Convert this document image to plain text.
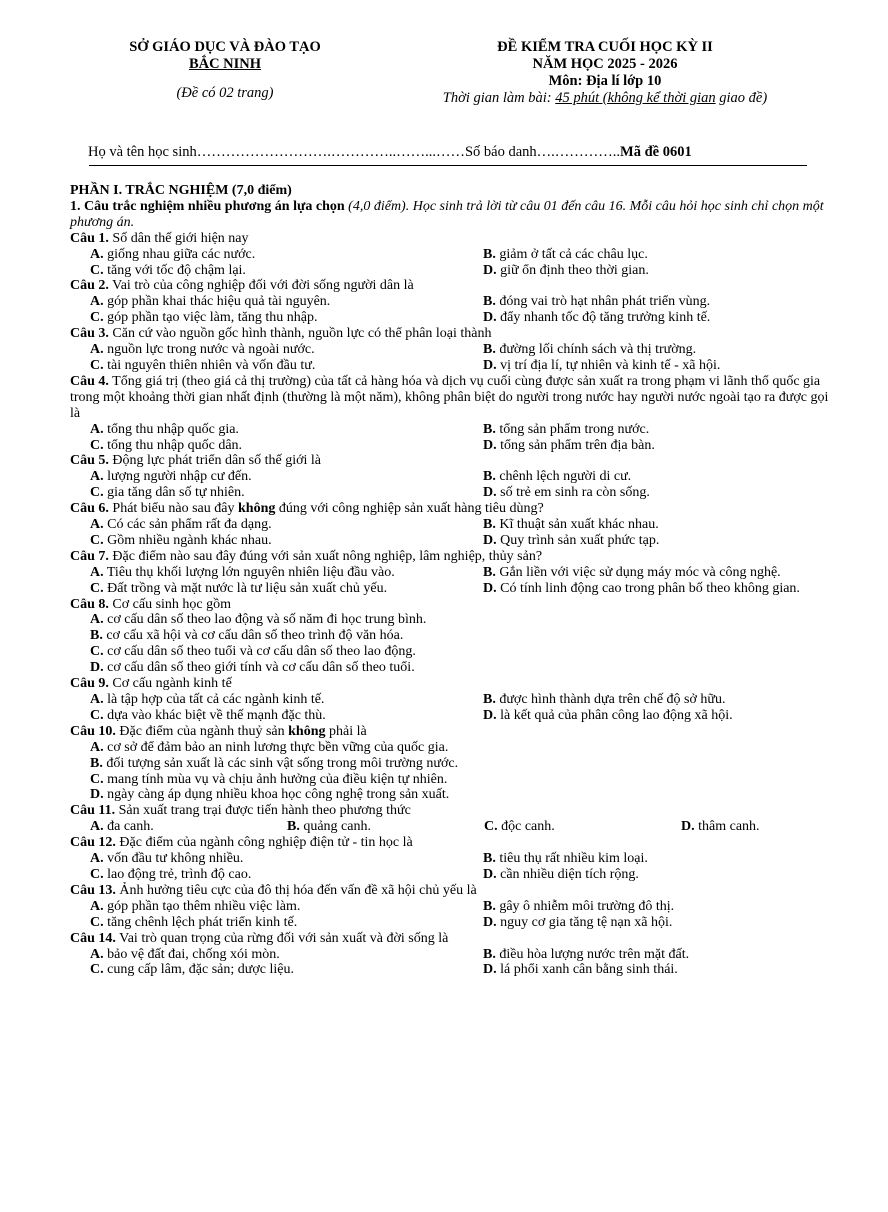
SỞ GIÁO DỤC VÀ ĐÀO TẠO
BẮC NINH
(Đề có 02 trang)
ĐỀ KIỂM TRA CUỐI HỌC KỲ II
NĂM HỌC 2025 - 2026
Môn: Địa lí lớp 10
Thời gian làm bài: 45 phút (không kể thời gian giao đề)
Họ và tên học sinh……………………….…………..……...……Số báo danh….…………..Mã đề 0601
PHẦN I. TRẮC NGHIỆM (7,0 điểm)
1. Câu trắc nghiệm nhiều phương án lựa chọn (4,0 điểm). Học sinh trả lời từ câu 01 đến câu 16. Mỗi câu hỏi học sinh chỉ chọn một phương án.
Câu 1. Số dân thế giới hiện nay
A. giống nhau giữa các nước.	B. giảm ở tất cả các châu lục.
C. tăng với tốc độ chậm lại.	D. giữ ổn định theo thời gian.
Câu 2. Vai trò của công nghiệp đối với đời sống người dân là
A. góp phần khai thác hiệu quả tài nguyên.	B. đóng vai trò hạt nhân phát triển vùng.
C. góp phần tạo việc làm, tăng thu nhập.	D. đẩy nhanh tốc độ tăng trưởng kinh tế.
Câu 3. Căn cứ vào nguồn gốc hình thành, nguồn lực có thể phân loại thành
A. nguồn lực trong nước và ngoài nước.	B. đường lối chính sách và thị trường.
C. tài nguyên thiên nhiên và vốn đầu tư.	D. vị trí địa lí, tự nhiên và kinh tế - xã hội.
Câu 4. Tổng giá trị (theo giá cả thị trường) của tất cả hàng hóa và dịch vụ cuối cùng được sản xuất ra trong phạm vi lãnh thổ quốc gia trong một khoảng thời gian nhất định (thường là một năm), không phân biệt do người trong nước hay người nước ngoài tạo ra được gọi là
A. tổng thu nhập quốc gia.	B. tổng sản phẩm trong nước.
C. tổng thu nhập quốc dân.	D. tổng sản phẩm trên địa bàn.
Câu 5. Động lực phát triển dân số thế giới là
A. lượng người nhập cư đến.	B. chênh lệch người di cư.
C. gia tăng dân số tự nhiên.	D. số trẻ em sinh ra còn sống.
Câu 6. Phát biểu nào sau đây không đúng với công nghiệp sản xuất hàng tiêu dùng?
A. Có các sản phẩm rất đa dạng.	B. Kĩ thuật sản xuất khác nhau.
C. Gồm nhiều ngành khác nhau.	D. Quy trình sản xuất phức tạp.
Câu 7. Đặc điểm nào sau đây đúng với sản xuất nông nghiệp, lâm nghiệp, thủy sản?
A. Tiêu thụ khối lượng lớn nguyên nhiên liệu đầu vào.	B. Gắn liền với việc sử dụng máy móc và công nghệ.
C. Đất trồng và mặt nước là tư liệu sản xuất chủ yếu.	D. Có tính linh động cao trong phân bố theo không gian.
Câu 8. Cơ cấu sinh học gồm
A. cơ cấu dân số theo lao động và số năm đi học trung bình.
B. cơ cấu xã hội và cơ cấu dân số theo trình độ văn hóa.
C. cơ cấu dân số theo tuổi và cơ cấu dân số theo lao động.
D. cơ cấu dân số theo giới tính và cơ cấu dân số theo tuổi.
Câu 9. Cơ cấu ngành kinh tế
A. là tập hợp của tất cả các ngành kinh tế.	B. được hình thành dựa trên chế độ sở hữu.
C. dựa vào khác biệt về thế mạnh đặc thù.	D. là kết quả của phân công lao động xã hội.
Câu 10. Đặc điểm của ngành thuỷ sản không phải là
A. cơ sở để đảm bảo an ninh lương thực bền vững của quốc gia.
B. đối tượng sản xuất là các sinh vật sống trong môi trường nước.
C. mang tính mùa vụ và chịu ảnh hưởng của điều kiện tự nhiên.
D. ngày càng áp dụng nhiều khoa học công nghệ trong sản xuất.
Câu 11. Sản xuất trang trại được tiến hành theo phương thức
A. đa canh.	B. quảng canh.	C. độc canh.	D. thâm canh.
Câu 12. Đặc điểm của ngành công nghiệp điện tử - tin học là
A. vốn đầu tư không nhiều.	B. tiêu thụ rất nhiều kim loại.
C. lao động trẻ, trình độ cao.	D. cần nhiều diện tích rộng.
Câu 13. Ảnh hưởng tiêu cực của đô thị hóa đến vấn đề xã hội chủ yếu là
A. góp phần tạo thêm nhiều việc làm.	B. gây ô nhiễm môi trường đô thị.
C. tăng chênh lệch phát triển kinh tế.	D. nguy cơ gia tăng tệ nạn xã hội.
Câu 14. Vai trò quan trọng của rừng đối với sản xuất và đời sống là
A. bảo vệ đất đai, chống xói mòn.	B. điều hòa lượng nước trên mặt đất.
C. cung cấp lâm, đặc sản; dược liệu.	D. lá phổi xanh cân bằng sinh thái.
